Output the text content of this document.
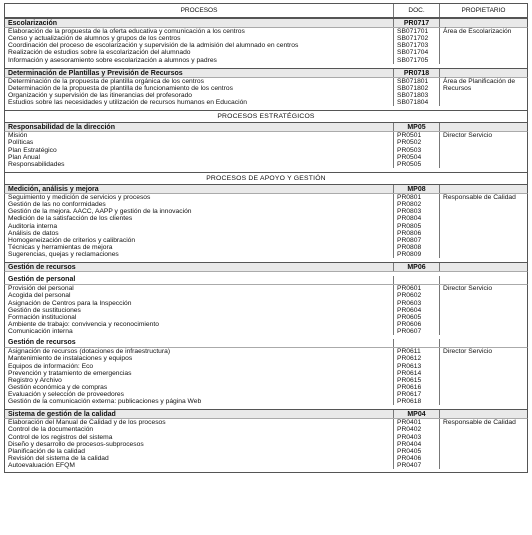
PROCESOS	DOC.	PROPIETARIO
Escolarización	PR0717
Elaboración de la propuesta de la oferta educativa y comunicación a los centros	SB071701	Área de Escolarización
Censo y actualización de alumnos y grupos de los centros	SB071702
Coordinación del proceso de escolarización y supervisión de la admisión del alumnado en centros	SB071703
Realización de estudios sobre la escolarización del alumnado	SB071704
Información y asesoramiento sobre escolarización a alumnos y padres	SB071705
Determinación de Plantillas y Previsión de Recursos	PR0718
Determinación de la propuesta de plantilla orgánica de los centros	SB071801	Área de Planificación de Recursos
Determinación de la propuesta de plantilla de funcionamiento de los centros	SB071802
Organización y supervisión de las itinerancias del profesorado	SB071803
Estudios sobre las necesidades y utilización de recursos humanos en Educación	SB071804
PROCESOS ESTRATÉGICOS
Responsabilidad de la dirección	MP05
Misión	PR0501	Director Servicio
Políticas	PR0502
Plan Estratégico	PR0503
Plan Anual	PR0504
Responsabilidades	PR0505
PROCESOS DE APOYO Y GESTIÓN
Medición, análisis y mejora	MP08
Seguimiento y medición de servicios y procesos	PR0801	Responsable de Calidad
Gestión de las no conformidades	PR0802
Gestión de la mejora. AACC, AAPP y gestión de la innovación	PR0803
Medición de la satisfacción de los clientes	PR0804
Auditoría interna	PR0805
Análisis de datos	PR0806
Homogeneización de criterios y calibración	PR0807
Técnicas y herramientas de mejora	PR0808
Sugerencias, quejas y reclamaciones	PR0809
Gestión de recursos	MP06
Gestión de personal
Provisión del personal	PR0601	Director Servicio
Acogida del personal	PR0602
Asignación de Centros para la Inspección	PR0603
Gestión de sustituciones	PR0604
Formación institucional	PR0605
Ambiente de trabajo: convivencia y reconocimiento	PR0606
Comunicación interna	PR0607
Gestión de recursos
Asignación de recursos (dotaciones de infraestructura)	PR0611	Director Servicio
Mantenimiento de instalaciones y equipos	PR0612
Equipos de información: Eco	PR0613
Prevención y tratamiento de emergencias	PR0614
Registro y Archivo	PR0615
Gestión económica y de compras	PR0616
Evaluación y selección de proveedores	PR0617
Gestión de la comunicación externa: publicaciones y página Web	PR0618
Sistema de gestión de la calidad	MP04
Elaboración del Manual de Calidad y de los procesos	PR0401	Responsable de Calidad
Control de la documentación	PR0402
Control de los registros del sistema	PR0403
Diseño y desarrollo de procesos-subprocesos	PR0404
Planificación de la calidad	PR0405
Revisión del sistema de la calidad	PR0406
Autoevaluación EFQM	PR0407
